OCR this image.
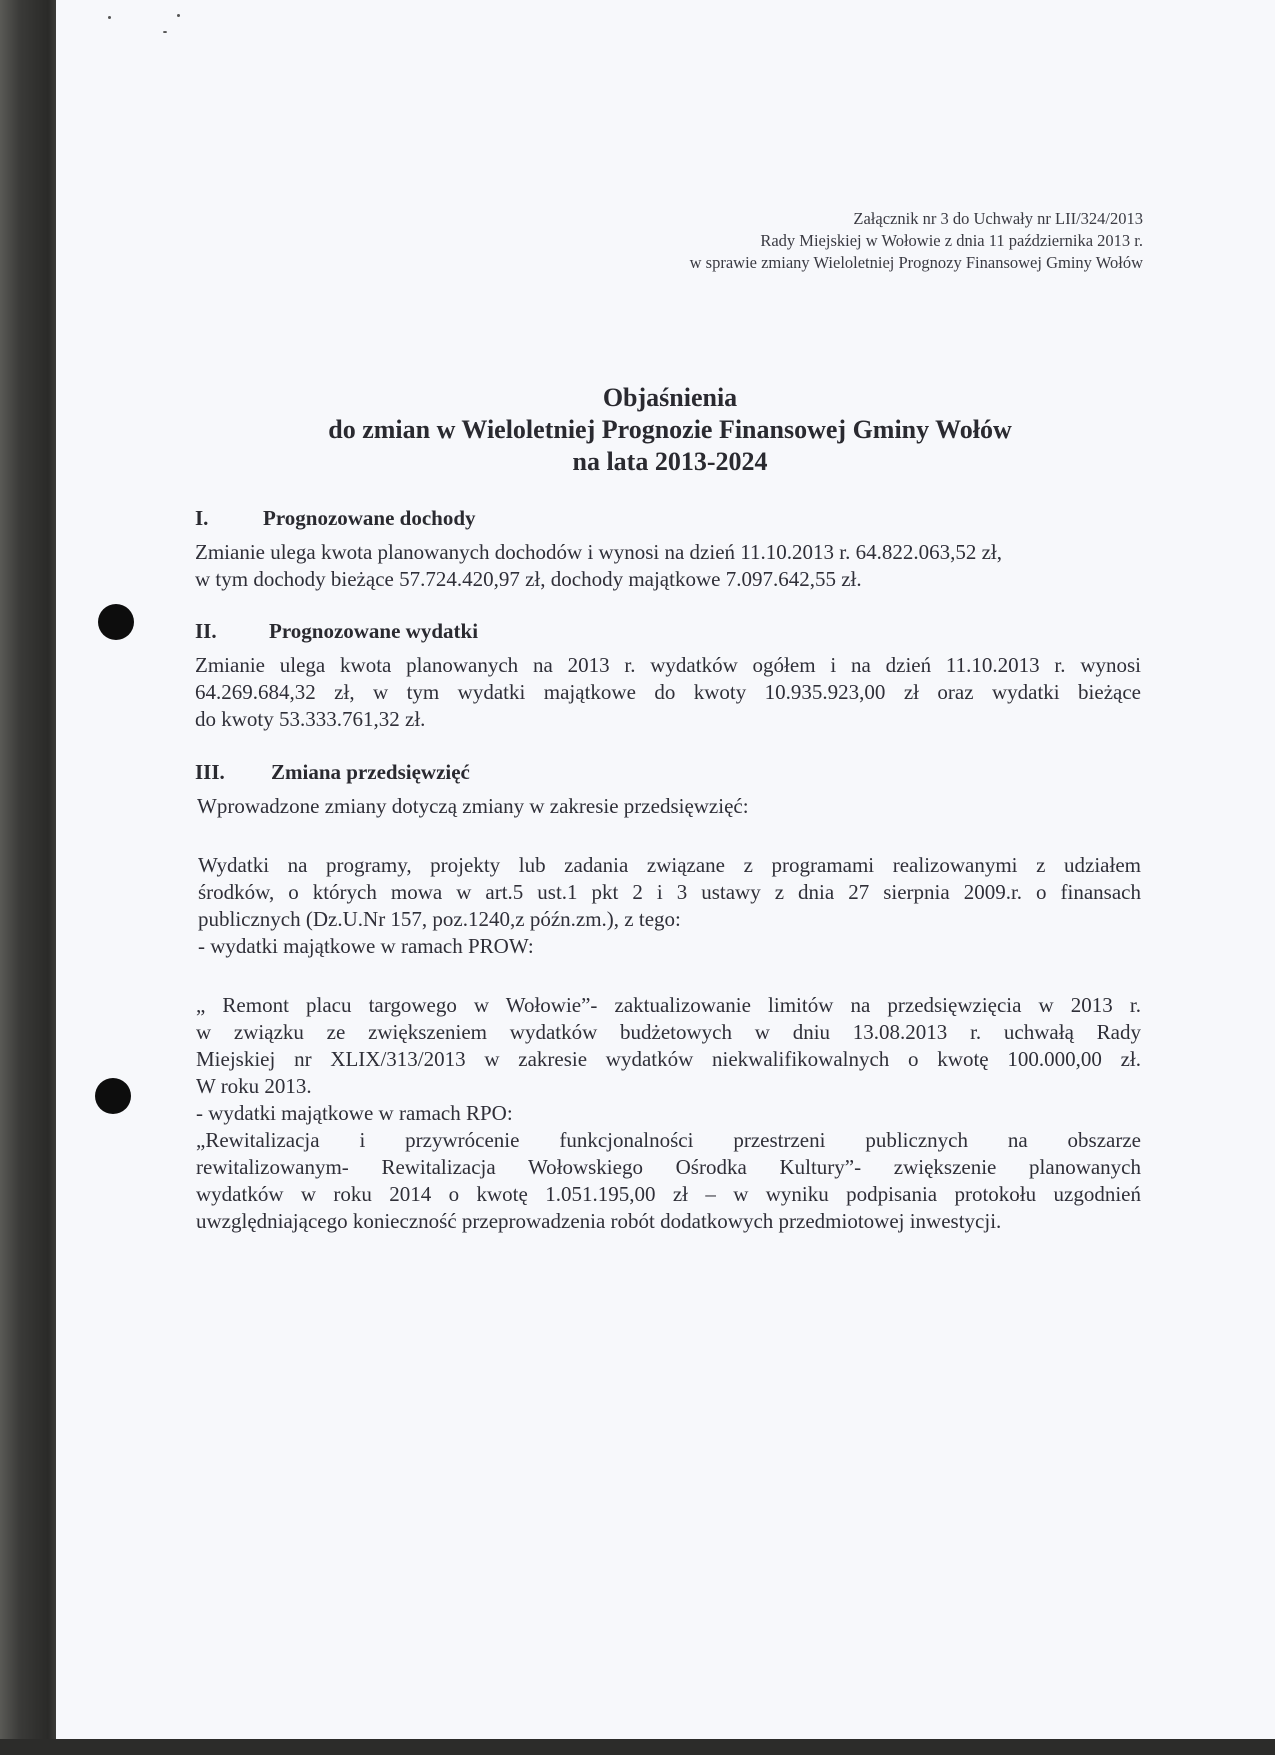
Załącznik nr 3 do Uchwały nr LII/324/2013
Rady Miejskiej w Wołowie z dnia 11 października 2013 r.
w sprawie zmiany Wieloletniej Prognozy Finansowej Gminy Wołów
Objaśnienia
do zmian w Wieloletniej Prognozie Finansowej Gminy Wołów
na lata 2013-2024
I.	Prognozowane dochody
Zmianie ulega kwota planowanych dochodów i wynosi na dzień 11.10.2013 r. 64.822.063,52 zł,
w tym dochody bieżące 57.724.420,97 zł, dochody majątkowe 7.097.642,55 zł.
II. Prognozowane wydatki
Zmianie ulega kwota planowanych na 2013 r. wydatków ogółem i na dzień 11.10.2013 r. wynosi
64.269.684,32 zł, w tym wydatki majątkowe do kwoty 10.935.923,00 zł oraz wydatki bieżące
do kwoty 53.333.761,32 zł.
III. Zmiana przedsięwzięć
Wprowadzone zmiany dotyczą zmiany w zakresie przedsięwzięć:
Wydatki na programy, projekty lub zadania związane z programami realizowanymi z udziałem
środków, o których mowa w art.5 ust.1 pkt 2 i 3 ustawy z dnia 27 sierpnia 2009.r. o finansach
publicznych (Dz.U.Nr 157, poz.1240,z późn.zm.), z tego:
- wydatki majątkowe w ramach PROW:
„ Remont placu targowego w Wołowie”- zaktualizowanie limitów na przedsięwzięcia w 2013 r.
w związku ze zwiększeniem wydatków budżetowych w dniu 13.08.2013 r. uchwałą Rady
Miejskiej nr XLIX/313/2013 w zakresie wydatków niekwalifikowalnych o kwotę 100.000,00 zł.
W roku 2013.
- wydatki majątkowe w ramach RPO:
„Rewitalizacja i przywrócenie funkcjonalności przestrzeni publicznych na obszarze
rewitalizowanym- Rewitalizacja Wołowskiego Ośrodka Kultury”- zwiększenie planowanych
wydatków w roku 2014 o kwotę 1.051.195,00 zł – w wyniku podpisania protokołu uzgodnień
uwzględniającego konieczność przeprowadzenia robót dodatkowych przedmiotowej inwestycji.
